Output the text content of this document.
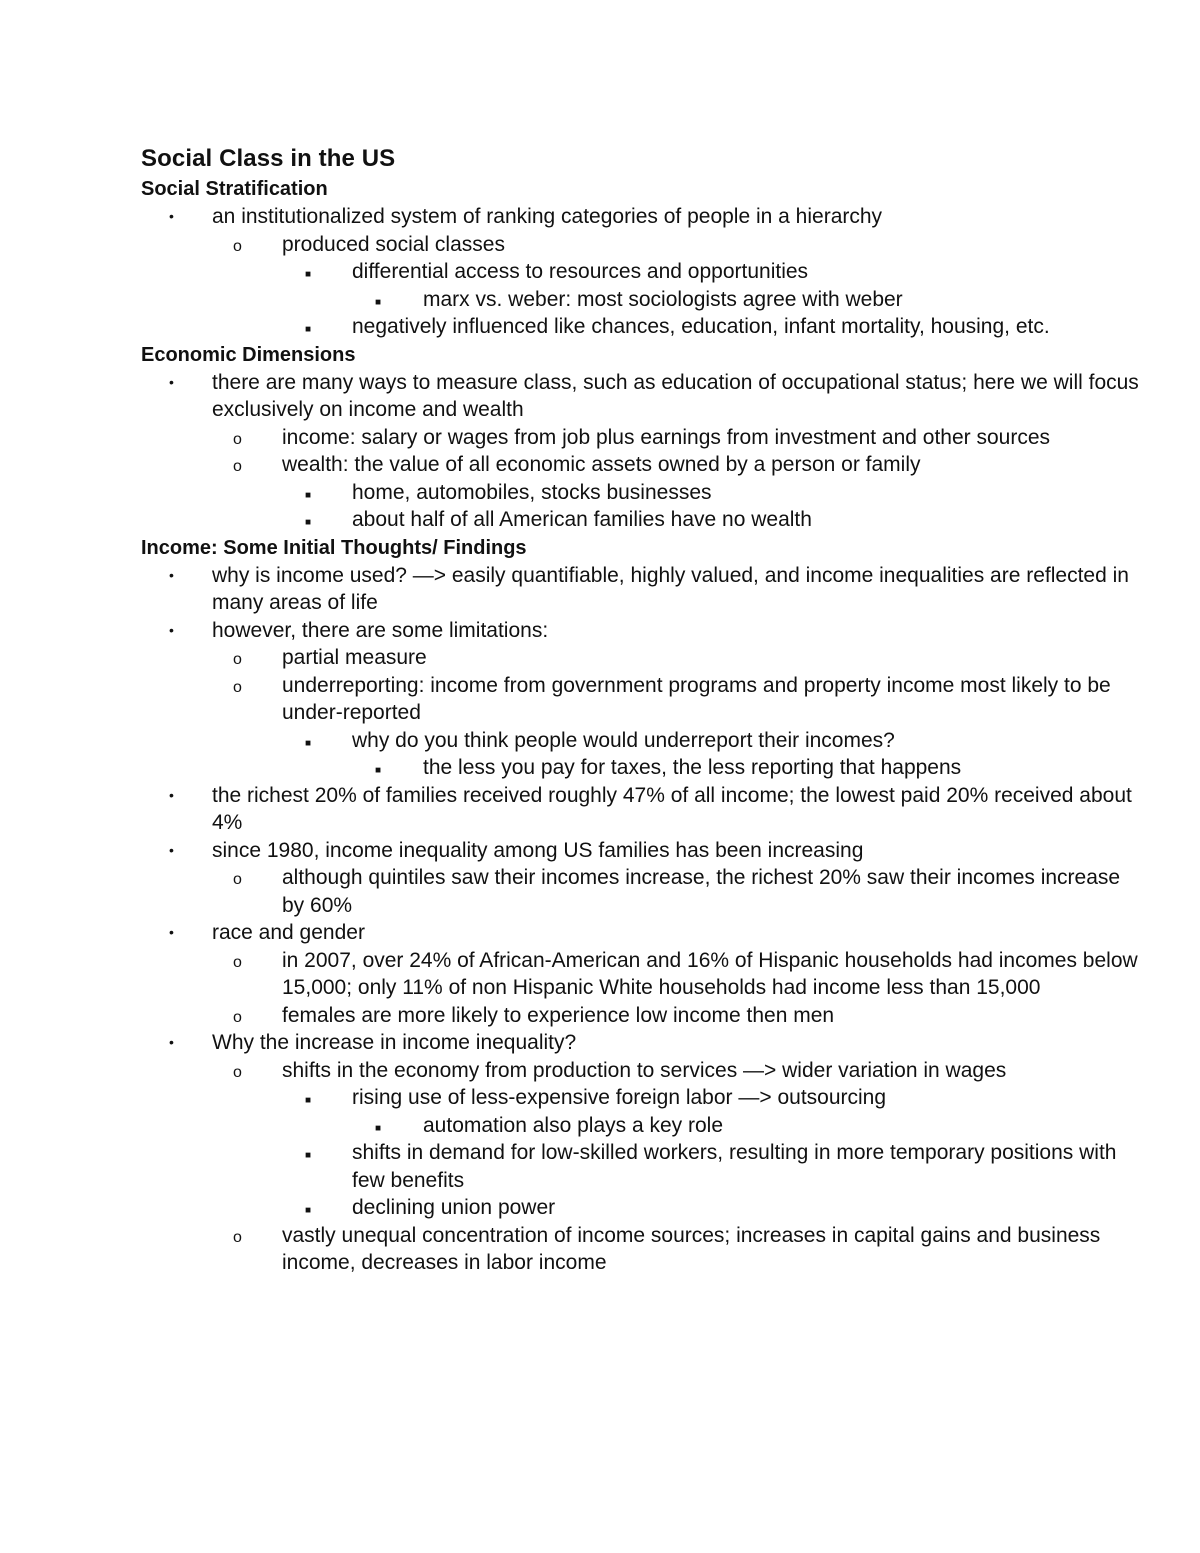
Social Class in the US
Social Stratification
• an institutionalized system of ranking categories of people in a hierarchy
o produced social classes
■ differential access to resources and opportunities
■ marx vs. weber: most sociologists agree with weber
■ negatively influenced like chances, education, infant mortality, housing, etc.
Economic Dimensions
• there are many ways to measure class, such as education of occupational status; here we will focus exclusively on income and wealth
o income: salary or wages from job plus earnings from investment and other sources
o wealth: the value of all economic assets owned by a person or family
■ home, automobiles, stocks businesses
■ about half of all American families have no wealth
Income: Some Initial Thoughts/ Findings
• why is income used? —> easily quantifiable, highly valued, and income inequalities are reflected in many areas of life
• however, there are some limitations:
o partial measure
o underreporting: income from government programs and property income most likely to be under-reported
■ why do you think people would underreport their incomes?
■ the less you pay for taxes, the less reporting that happens
• the richest 20% of families received roughly 47% of all income; the lowest paid 20% received about 4%
• since 1980, income inequality among US families has been increasing
o although quintiles saw their incomes increase, the richest 20% saw their incomes increase by 60%
• race and gender
o in 2007, over 24% of African-American and 16% of Hispanic households had incomes below 15,000; only 11% of non Hispanic White households had income less than 15,000
o females are more likely to experience low income then men
• Why the increase in income inequality?
o shifts in the economy from production to services —> wider variation in wages
■ rising use of less-expensive foreign labor —> outsourcing
■ automation also plays a key role
■ shifts in demand for low-skilled workers, resulting in more temporary positions with few benefits
■ declining union power
o vastly unequal concentration of income sources; increases in capital gains and business income, decreases in labor income
